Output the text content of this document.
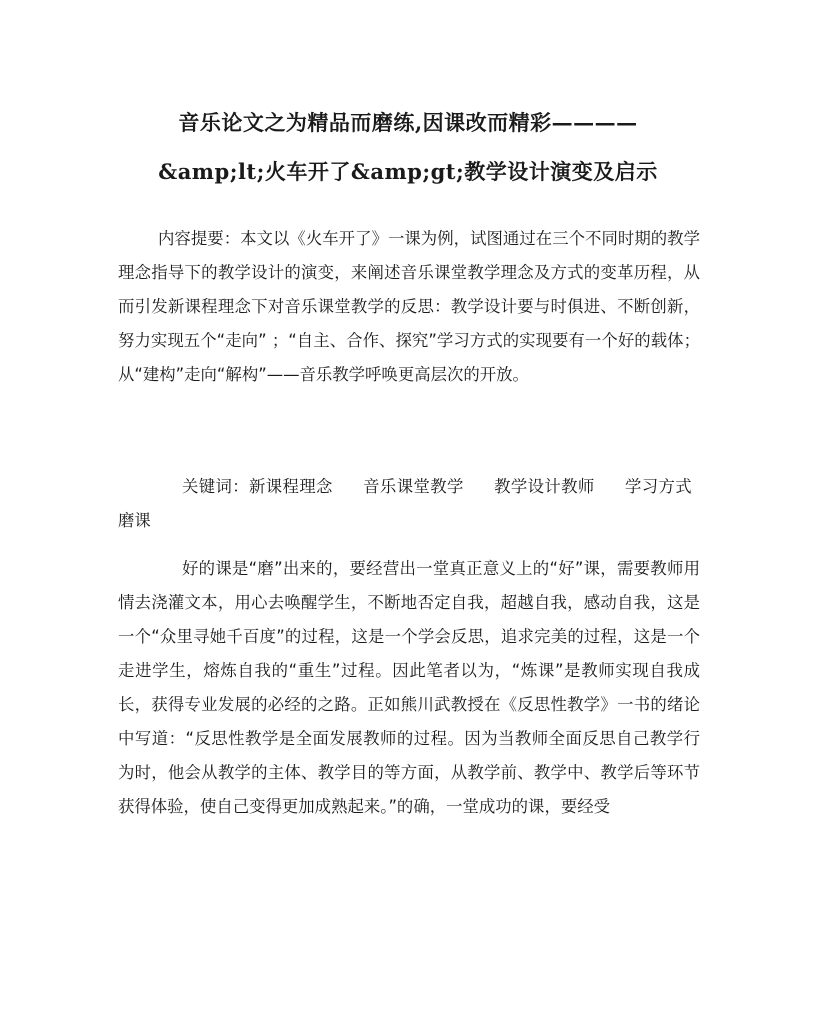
音乐论文之为精品而磨练,因课改而精彩————
&amp;lt;火车开了&amp;gt;教学设计演变及启示
内容提要：本文以《火车开了》一课为例，试图通过在三个不同时期的教学理念指导下的教学设计的演变，来阐述音乐课堂教学理念及方式的变革历程，从而引发新课程理念下对音乐课堂教学的反思：教学设计要与时俱进、不断创新，努力实现五个“走向” ；“自主、合作、探究”学习方式的实现要有一个好的载体；从“建构”走向“解构”——音乐教学呼唤更高层次的开放。
关键词：新课程理念 音乐课堂教学 教学设计教师 学习方式磨课
好的课是“磨”出来的，要经营出一堂真正意义上的“好”课，需要教师用情去浇灌文本，用心去唤醒学生，不断地否定自我，超越自我，感动自我，这是一个“众里寻她千百度”的过程，这是一个学会反思，追求完美的过程，这是一个走进学生，熔炼自我的“重生”过程。因此笔者以为，“炼课”是教师实现自我成长，获得专业发展的必经的之路。正如熊川武教授在《反思性教学》一书的绪论中写道：“反思性教学是全面发展教师的过程。因为当教师全面反思自己教学行为时，他会从教学的主体、教学目的等方面，从教学前、教学中、教学后等环节获得体验，使自己变得更加成熟起来。”的确，一堂成功的课，要经受
